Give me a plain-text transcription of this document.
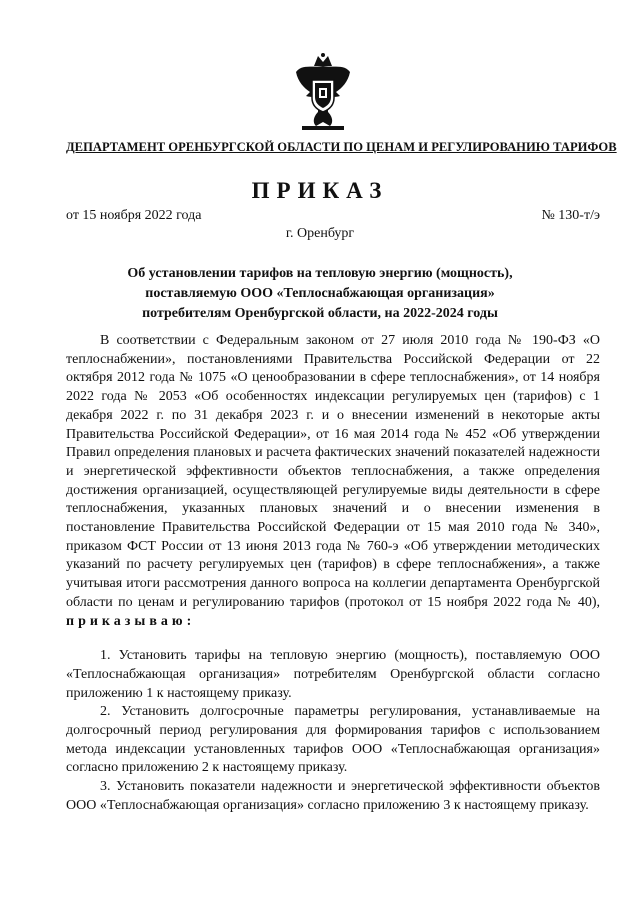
ДЕПАРТАМЕНТ ОРЕНБУРГСКОЙ ОБЛАСТИ ПО ЦЕНАМ И РЕГУЛИРОВАНИЮ ТАРИФОВ
ПРИКАЗ
от 15 ноября 2022 года	№ 130-т/э
г. Оренбург
Об установлении тарифов на тепловую энергию (мощность),
поставляемую ООО «Теплоснабжающая организация»
потребителям Оренбургской области, на 2022-2024 годы

В соответствии с Федеральным законом от 27 июля 2010 года № 190-ФЗ «О теплоснабжении», постановлениями Правительства Российской Федерации от 22 октября 2012 года № 1075 «О ценообразовании в сфере теплоснабжения», от 14 ноября 2022 года № 2053 «Об особенностях индексации регулируемых цен (тарифов) с 1 декабря 2022 г. по 31 декабря 2023 г. и о внесении изменений в некоторые акты Правительства Российской Федерации», от 16 мая 2014 года № 452 «Об утверждении Правил определения плановых и расчета фактических значений показателей надежности и энергетической эффективности объектов теплоснабжения, а также определения достижения организацией, осуществляющей регулируемые виды деятельности в сфере теплоснабжения, указанных плановых значений и о внесении изменения в постановление Правительства Российской Федерации от 15 мая 2010 года № 340», приказом ФСТ России от 13 июня 2013 года № 760-э «Об утверждении методических указаний по расчету регулируемых цен (тарифов) в сфере теплоснабжения», а также учитывая итоги рассмотрения данного вопроса на коллегии департамента Оренбургской области по ценам и регулированию тарифов (протокол от 15 ноября 2022 года № 40), приказываю:

1. Установить тарифы на тепловую энергию (мощность), поставляемую ООО «Теплоснабжающая организация» потребителям Оренбургской области согласно приложению 1 к настоящему приказу.

2. Установить долгосрочные параметры регулирования, устанавливаемые на долгосрочный период регулирования для формирования тарифов с использованием метода индексации установленных тарифов ООО «Теплоснабжающая организация» согласно приложению 2 к настоящему приказу.

3. Установить показатели надежности и энергетической эффективности объектов ООО «Теплоснабжающая организация» согласно приложению 3 к настоящему приказу.
